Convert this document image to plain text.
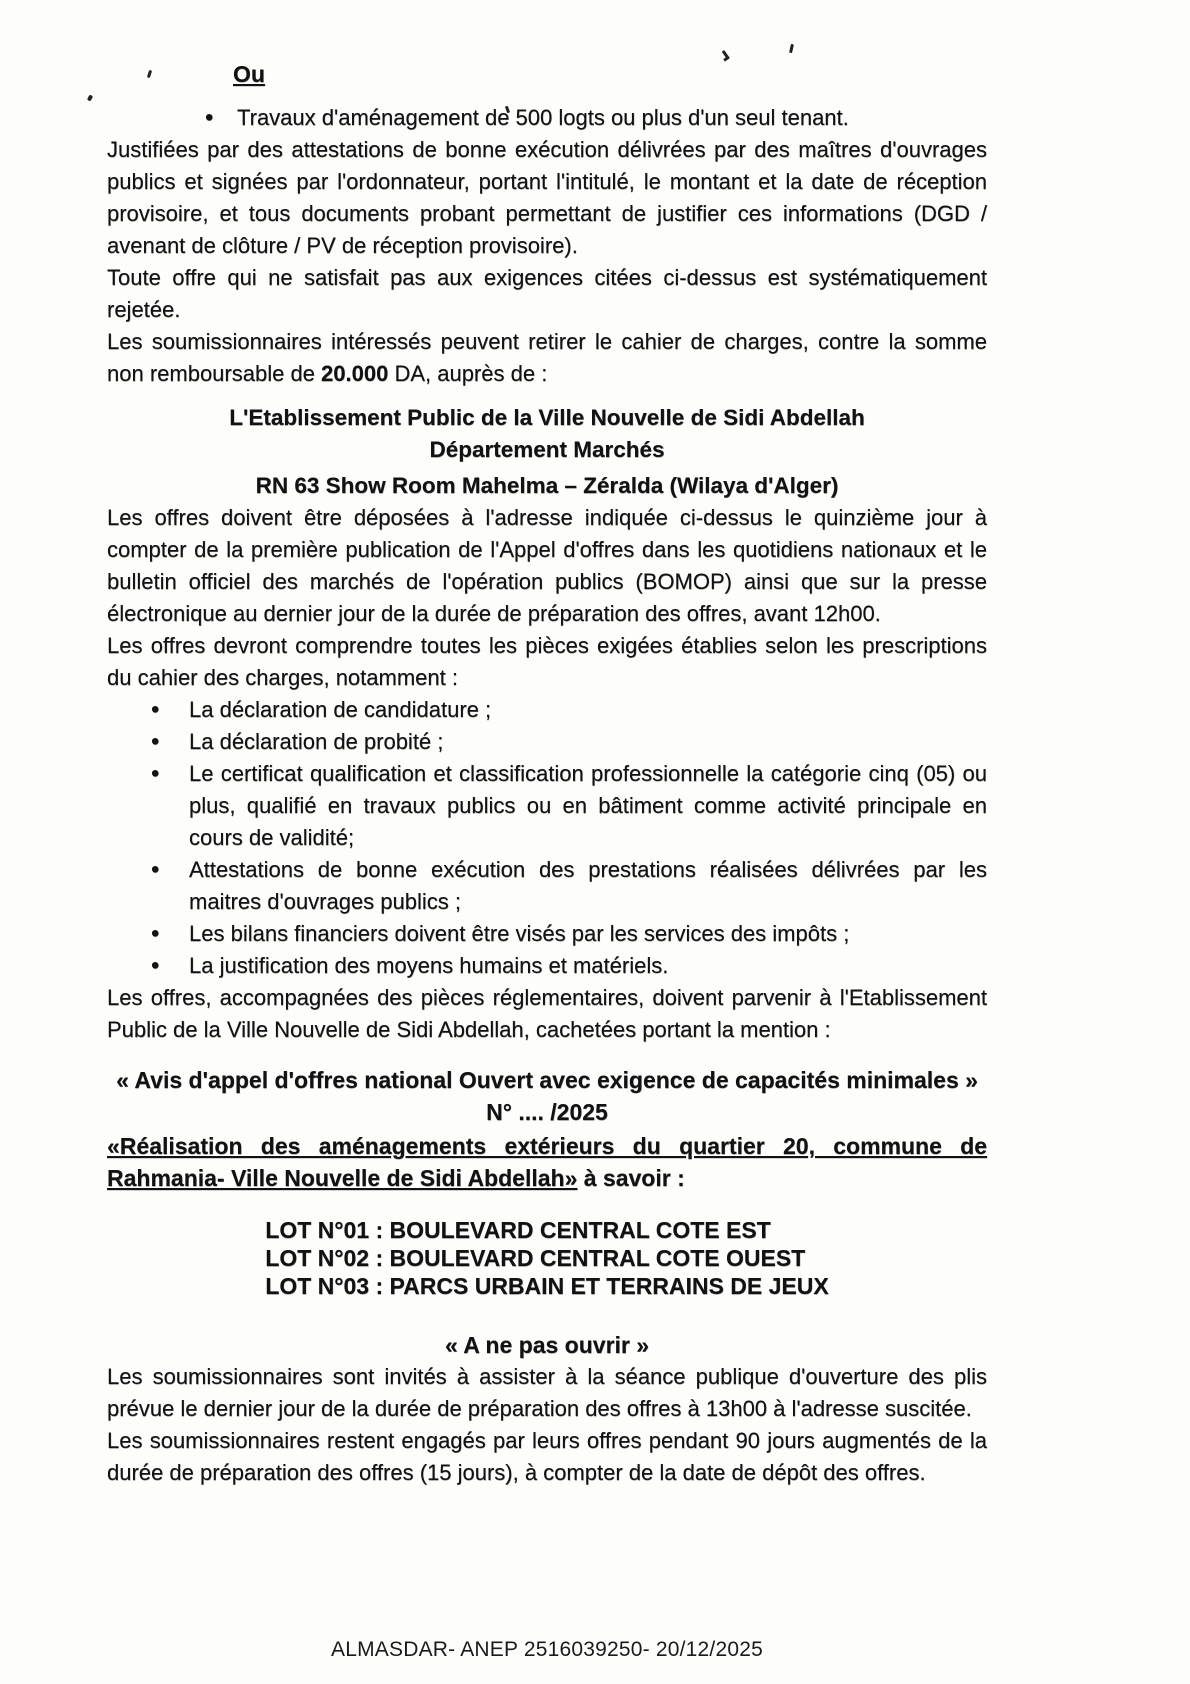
Ou
• Travaux d'aménagement de 500 logts ou plus d'un seul tenant.

Justifiées par des attestations de bonne exécution délivrées par des maîtres d'ouvrages publics et signées par l'ordonnateur, portant l'intitulé, le montant et la date de réception provisoire, et tous documents probant permettant de justifier ces informations (DGD / avenant de clôture / PV de réception provisoire).

Toute offre qui ne satisfait pas aux exigences citées ci-dessus est systématiquement rejetée.

Les soumissionnaires intéressés peuvent retirer le cahier de charges, contre la somme non remboursable de 20.000 DA, auprès de :

L'Etablissement Public de la Ville Nouvelle de Sidi Abdellah
Département Marchés
RN 63 Show Room Mahelma – Zéralda (Wilaya d'Alger)

Les offres doivent être déposées à l'adresse indiquée ci-dessus le quinzième jour à compter de la première publication de l'Appel d'offres dans les quotidiens nationaux et le bulletin officiel des marchés de l'opération publics (BOMOP) ainsi que sur la presse électronique au dernier jour de la durée de préparation des offres, avant 12h00.

Les offres devront comprendre toutes les pièces exigées établies selon les prescriptions du cahier des charges, notamment :

• La déclaration de candidature ;
• La déclaration de probité ;
• Le certificat qualification et classification professionnelle la catégorie cinq (05) ou plus, qualifié en travaux publics ou en bâtiment comme activité principale en cours de validité;
• Attestations de bonne exécution des prestations réalisées délivrées par les maitres d'ouvrages publics ;
• Les bilans financiers doivent être visés par les services des impôts ;
• La justification des moyens humains et matériels.

Les offres, accompagnées des pièces réglementaires, doivent parvenir à l'Etablissement Public de la Ville Nouvelle de Sidi Abdellah, cachetées portant la mention :

« Avis d'appel d'offres national Ouvert avec exigence de capacités minimales »
N° .... /2025
«Réalisation des aménagements extérieurs du quartier 20, commune de
Rahmania- Ville Nouvelle de Sidi Abdellah» à savoir :
LOT N°01 : BOULEVARD CENTRAL COTE EST
LOT N°02 : BOULEVARD CENTRAL COTE OUEST
LOT N°03 : PARCS URBAIN ET TERRAINS DE JEUX
« A ne pas ouvrir »

Les soumissionnaires sont invités à assister à la séance publique d'ouverture des plis prévue le dernier jour de la durée de préparation des offres à 13h00 à l'adresse suscitée.

Les soumissionnaires restent engagés par leurs offres pendant 90 jours augmentés de la durée de préparation des offres (15 jours), à compter de la date de dépôt des offres.

ALMASDAR- ANEP 2516039250- 20/12/2025
